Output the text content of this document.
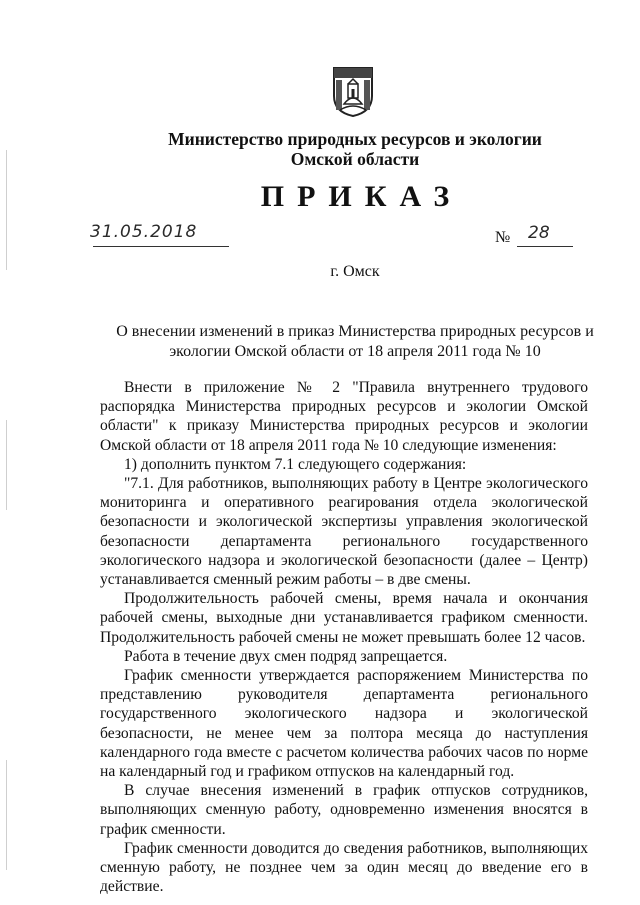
Министерство природных ресурсов и экологии
Омской области
ПРИКАЗ
31.05.2018	№ 28
г. Омск
О внесении изменений в приказ Министерства природных ресурсов и
экологии Омской области от 18 апреля 2011 года № 10

Внести в приложение № 2 "Правила внутреннего трудового распорядка Министерства природных ресурсов и экологии Омской области" к приказу Министерства природных ресурсов и экологии Омской области от 18 апреля 2011 года № 10 следующие изменения:

1) дополнить пунктом 7.1 следующего содержания:

"7.1. Для работников, выполняющих работу в Центре экологического мониторинга и оперативного реагирования отдела экологической безопасности и экологической экспертизы управления экологической безопасности департамента регионального государственного экологического надзора и экологической безопасности (далее – Центр) устанавливается сменный режим работы – в две смены.

Продолжительность рабочей смены, время начала и окончания рабочей смены, выходные дни устанавливается графиком сменности. Продолжительность рабочей смены не может превышать более 12 часов.

Работа в течение двух смен подряд запрещается.

График сменности утверждается распоряжением Министерства по представлению руководителя департамента регионального государственного экологического надзора и экологической безопасности, не менее чем за полтора месяца до наступления календарного года вместе с расчетом количества рабочих часов по норме на календарный год и графиком отпусков на календарный год.

В случае внесения изменений в график отпусков сотрудников, выполняющих сменную работу, одновременно изменения вносятся в график сменности.

График сменности доводится до сведения работников, выполняющих сменную работу, не позднее чем за один месяц до введение его в действие.
